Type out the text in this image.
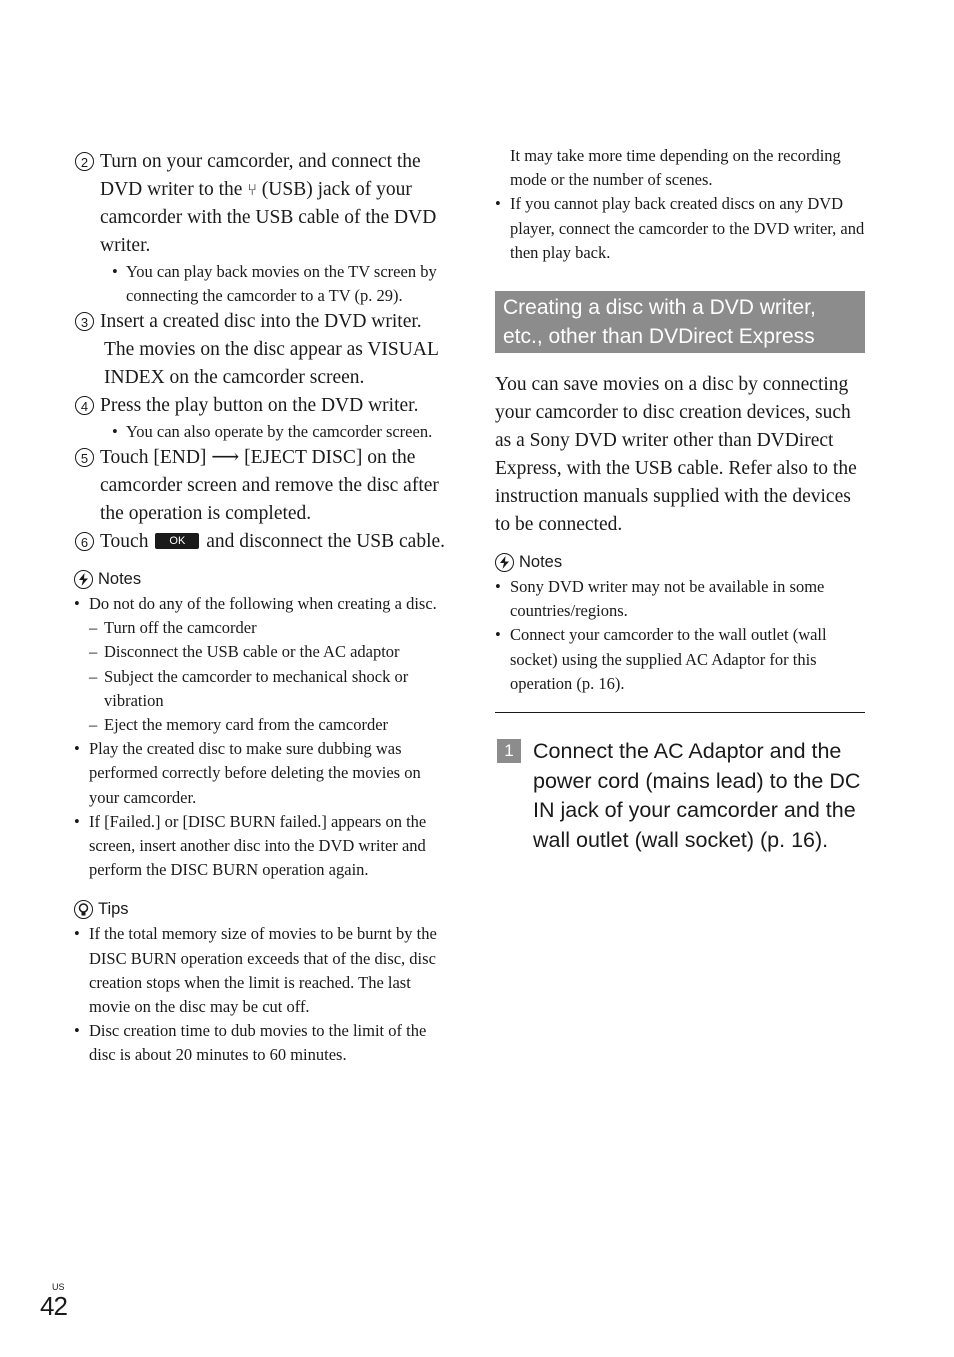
2 Turn on your camcorder, and connect the DVD writer to the ⑂ (USB) jack of your camcorder with the USB cable of the DVD writer.
• You can play back movies on the TV screen by connecting the camcorder to a TV (p. 29).
3 Insert a created disc into the DVD writer.
The movies on the disc appear as VISUAL INDEX on the camcorder screen.
4 Press the play button on the DVD writer.
• You can also operate by the camcorder screen.
5 Touch [END] ⟶ [EJECT DISC] on the camcorder screen and remove the disc after the operation is completed.
6 Touch OK and disconnect the USB cable.
Notes
• Do not do any of the following when creating a disc.
– Turn off the camcorder
– Disconnect the USB cable or the AC adaptor
– Subject the camcorder to mechanical shock or vibration
– Eject the memory card from the camcorder
• Play the created disc to make sure dubbing was performed correctly before deleting the movies on your camcorder.
• If [Failed.] or [DISC BURN failed.] appears on the screen, insert another disc into the DVD writer and perform the DISC BURN operation again.
Tips
• If the total memory size of movies to be burnt by the DISC BURN operation exceeds that of the disc, disc creation stops when the limit is reached. The last movie on the disc may be cut off.
• Disc creation time to dub movies to the limit of the disc is about 20 minutes to 60 minutes.
It may take more time depending on the recording mode or the number of scenes.
• If you cannot play back created discs on any DVD player, connect the camcorder to the DVD writer, and then play back.
Creating a disc with a DVD writer, etc., other than DVDirect Express
You can save movies on a disc by connecting your camcorder to disc creation devices, such as a Sony DVD writer other than DVDirect Express, with the USB cable. Refer also to the instruction manuals supplied with the devices to be connected.
Notes
• Sony DVD writer may not be available in some countries/regions.
• Connect your camcorder to the wall outlet (wall socket) using the supplied AC Adaptor for this operation (p. 16).
1 Connect the AC Adaptor and the power cord (mains lead) to the DC IN jack of your camcorder and the wall outlet (wall socket) (p. 16).
US
42
